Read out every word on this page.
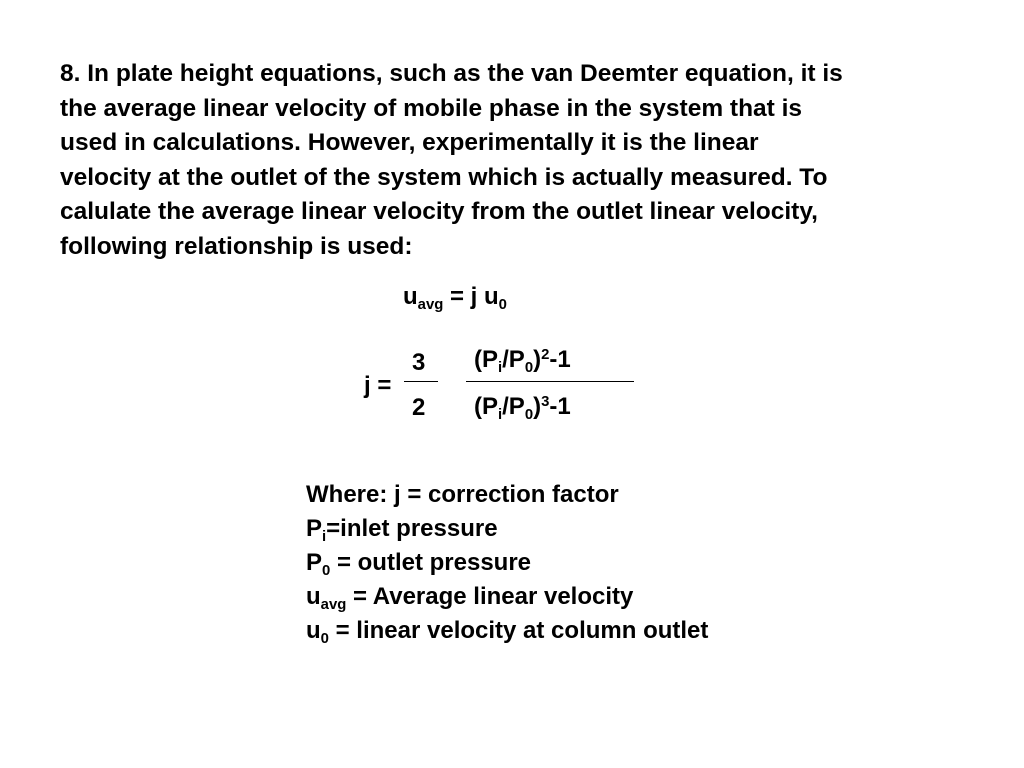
8. In plate height equations, such as the van Deemter equation, it is
the average linear velocity of mobile phase in the system that is
used in calculations. However, experimentally it is the linear
velocity at the outlet of the system which is actually measured. To
calulate the average linear velocity from the outlet linear velocity,
following relationship is used:
$u_{avg} = j$ $u_0$
j =
3
2
$(P_i/P_0)^2-1$
$(P_i/P_0)^3-1$
Where: j = correction factor
$P_i=inlet$ pressure
$P_0$ = outlet pressure
$u_{avg}$ = Average linear velocity
$u_0$ = linear velocity at column outlet
